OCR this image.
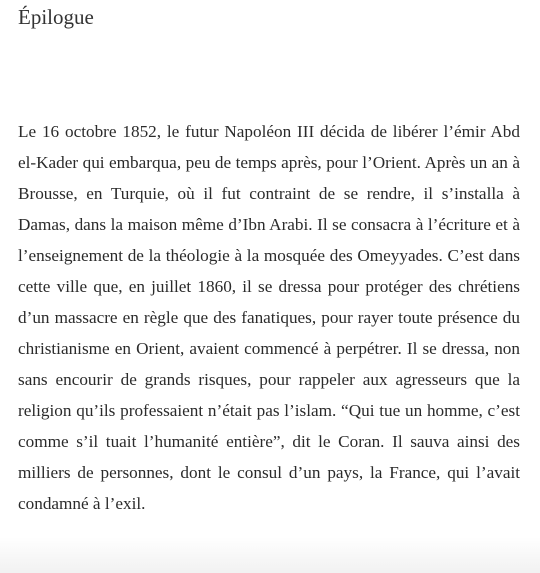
Épilogue

Le 16 octobre 1852, le futur Napoléon III décida de libérer l’émir Abd el-Kader qui embarqua, peu de temps après, pour l’Orient. Après un an à Brousse, en Turquie, où il fut contraint de se rendre, il s’installa à Damas, dans la maison même d’Ibn Arabi. Il se consacra à l’écriture et à l’enseignement de la théologie à la mosquée des Omeyyades. C’est dans cette ville que, en juillet 1860, il se dressa pour protéger des chrétiens d’un massacre en règle que des fanatiques, pour rayer toute présence du christianisme en Orient, avaient commencé à perpétrer. Il se dressa, non sans encourir de grands risques, pour rappeler aux agresseurs que la religion qu’ils professaient n’était pas l’islam. “Qui tue un homme, c’est comme s’il tuait l’humanité entière”, dit le Coran. Il sauva ainsi des milliers de personnes, dont le consul d’un pays, la France, qui l’avait condamné à l’exil.
